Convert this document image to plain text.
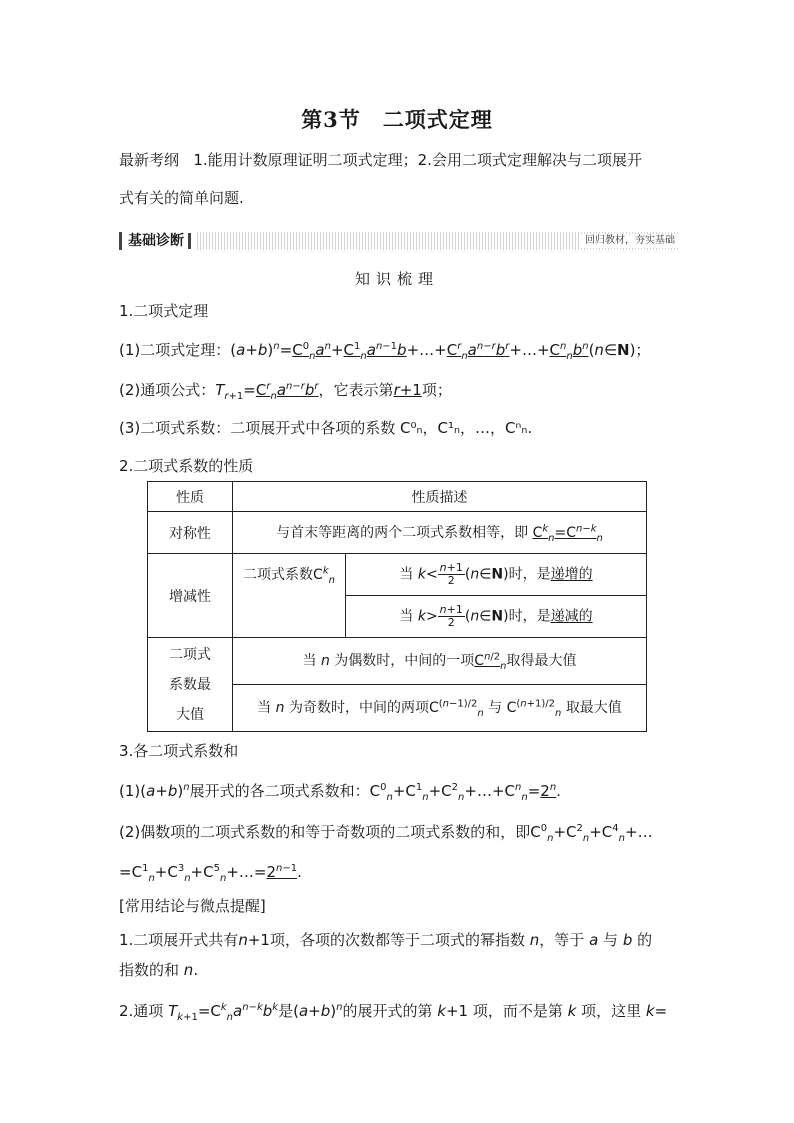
第3节　二项式定理
最新考纲 1.能用计数原理证明二项式定理；2.会用二项式定理解决与二项展开
式有关的简单问题.
基础诊断	回归教材，夯实基础
知识梳理
1.二项式定理
(1)二项式定理：$(a+b)^n=C^0_na^n+C^1_na^{n-1}b+\dots+C^r_na^{n-r}b^r+\dots+C^n_nb^n(n\in N)$；
(2)通项公式：$T_{r+1}=C^r_na^{n-r}b^r$，它表示第r+1项；
(3)二项式系数：二项展开式中各项的系数 C⁰ₙ，C¹ₙ，…，Cⁿₙ.
2.二项式系数的性质
性质	性质描述	
对称性	与首末等距离的两个二项式系数相等，即 $C^k_n=C^{n-k}_n$
增减性	二项式系数$C^k_n$	当 $k< \frac{n+1}{2}$ (n∈N)时，是递增的
		当 $k> \frac{n+1}{2}$ (n∈N)时，是递减的
二项式
系数最
大值	当 n 为偶数时，中间的一项$C^{n/2}_n$取得最大值	
	当 n 为奇数时，中间的两项$C^{(n-1)/2}_n$ 与 $C^{(n+1)/2}_n$ 取最大值	
3.各二项式系数和
$(1)(a+b)^n$展开式的各二项式系数和：$C^0_n+C^1_n+C^2_n+\dots+C^n_n=2^n$.
(2)偶数项的二项式系数的和等于奇数项的二项式系数的和，即$C^0_n+C^2_n+C^4_n+\dots$
$=C^1_n+C^3_n+C^5_n+\dots=2^{n-1}$.
[常用结论与微点提醒]
1.二项展开式共有n+1项，各项的次数都等于二项式的幂指数 n，等于 a 与 b 的
指数的和 n.
2.通项 $T_{k+1}=C^k_na^{n-k}b^k$是$(a+b)^n$的展开式的第 k+1 项，而不是第 k 项，这里 k=
